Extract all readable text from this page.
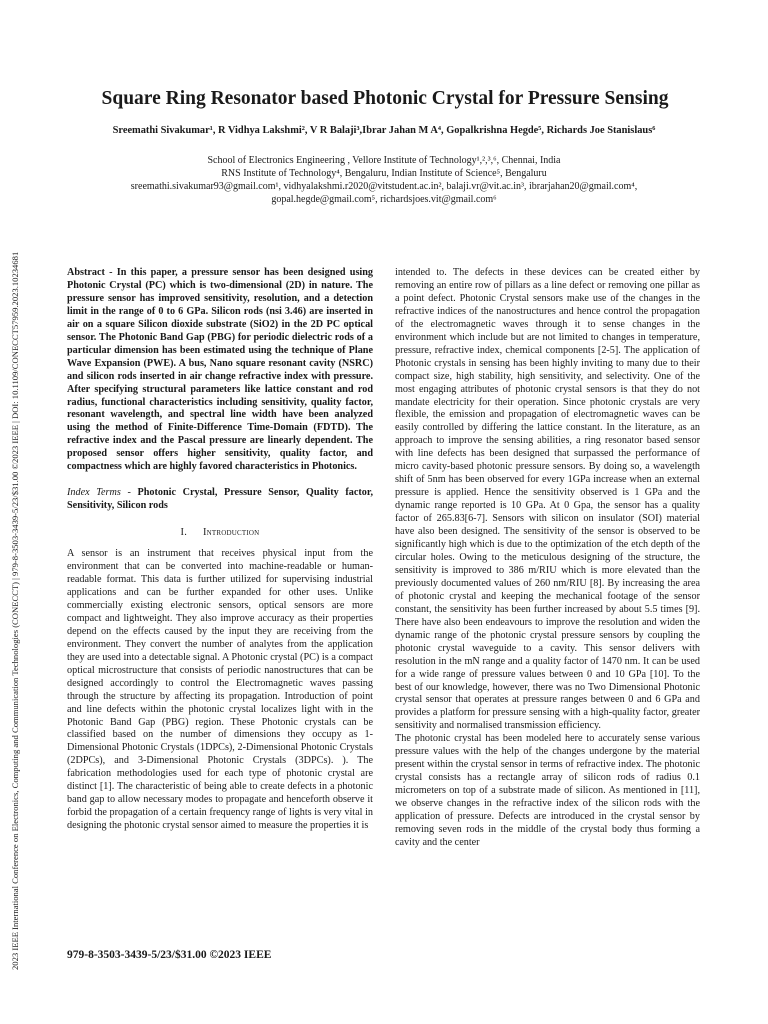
2023 IEEE International Conference on Electronics, Computing and Communication Technologies (CONECCT) | 979-8-3503-3439-5/23/$31.00 ©2023 IEEE | DOI: 10.1109/CONECCT57959.2023.10234681
Square Ring Resonator based Photonic Crystal for Pressure Sensing
Sreemathi Sivakumar¹, R Vidhya Lakshmi², V R Balaji³,Ibrar Jahan M A⁴, Gopalkrishna Hegde⁵, Richards Joe Stanislaus⁶
School of Electronics Engineering , Vellore Institute of Technology¹,²,³,⁶, Chennai, India
RNS Institute of Technology⁴, Bengaluru, Indian Institute of Science⁵, Bengaluru
sreemathi.sivakumar93@gmail.com¹, vidhyalakshmi.r2020@vitstudent.ac.in², balaji.vr@vit.ac.in³, ibrarjahan20@gmail.com⁴,
gopal.hegde@gmail.com⁵, richardsjoes.vit@gmail.com⁶

Abstract - In this paper, a pressure sensor has been designed using Photonic Crystal (PC) which is two-dimensional (2D) in nature. The pressure sensor has improved sensitivity, resolution, and a detection limit in the range of 0 to 6 GPa. Silicon rods (nsi 3.46) are inserted in air on a square Silicon dioxide substrate (SiO2) in the 2D PC optical sensor. The Photonic Band Gap (PBG) for periodic dielectric rods of a particular dimension has been estimated using the technique of Plane Wave Expansion (PWE). A bus, Nano square resonant cavity (NSRC) and silicon rods inserted in air change refractive index with pressure. After specifying structural parameters like lattice constant and rod radius, functional characteristics including sensitivity, quality factor, resonant wavelength, and spectral line width have been analyzed using the method of Finite-Difference Time-Domain (FDTD). The refractive index and the Pascal pressure are linearly dependent. The proposed sensor offers higher sensitivity, quality factor, and compactness which are highly favored characteristics in Photonics.

Index Terms - Photonic Crystal, Pressure Sensor, Quality factor, Sensitivity, Silicon rods

I. Introduction

A sensor is an instrument that receives physical input from the environment that can be converted into machine-readable or human-readable format. This data is further utilized for supervising industrial applications and can be further expanded for other uses. Unlike commercially existing electronic sensors, optical sensors are more compact and lightweight. They also improve accuracy as their properties depend on the effects caused by the input they are receiving from the environment. They convert the number of analytes from the application they are used into a detectable signal. A Photonic crystal (PC) is a compact optical microstructure that consists of periodic nanostructures that can be designed accordingly to control the Electromagnetic waves passing through the structure by affecting its propagation. Introduction of point and line defects within the photonic crystal localizes light with in the Photonic Band Gap (PBG) region. These Photonic crystals can be classified based on the number of dimensions they occupy as 1-Dimensional Photonic Crystals (1DPCs), 2-Dimensional Photonic Crystals (2DPCs), and 3-Dimensional Photonic Crystals (3DPCs). ). The fabrication methodologies used for each type of photonic crystal are distinct [1]. The characteristic of being able to create defects in a photonic band gap to allow necessary modes to propagate and henceforth observe it forbid the propagation of a certain frequency range of lights is very vital in designing the photonic crystal sensor aimed to measure the properties it is

intended to. The defects in these devices can be created either by removing an entire row of pillars as a line defect or removing one pillar as a point defect. Photonic Crystal sensors make use of the changes in the refractive indices of the nanostructures and hence control the propagation of the electromagnetic waves through it to sense changes in the environment which include but are not limited to changes in temperature, pressure, refractive index, chemical components [2-5]. The application of Photonic crystals in sensing has been highly inviting to many due to their compact size, high stability, high sensitivity, and selectivity. One of the most engaging attributes of photonic crystal sensors is that they do not mandate electricity for their operation. Since photonic crystals are very flexible, the emission and propagation of electromagnetic waves can be easily controlled by differing the lattice constant. In the literature, as an approach to improve the sensing abilities, a ring resonator based sensor with line defects has been designed that surpassed the performance of micro cavity-based photonic pressure sensors. By doing so, a wavelength shift of 5nm has been observed for every 1GPa increase when an external pressure is applied. Hence the sensitivity observed is 1 GPa and the dynamic range reported is 10 GPa. At 0 Gpa, the sensor has a quality factor of 265.83[6-7]. Sensors with silicon on insulator (SOI) material have also been designed. The sensitivity of the sensor is observed to be significantly high which is due to the optimization of the etch depth of the circular holes. Owing to the meticulous designing of the structure, the sensitivity is improved to 386 m/RIU which is more elevated than the previously documented values of 260 nm/RIU [8]. By increasing the area of photonic crystal and keeping the mechanical footage of the sensor constant, the sensitivity has been further increased by about 5.5 times [9]. There have also been endeavours to improve the resolution and widen the dynamic range of the photonic crystal pressure sensors by coupling the photonic crystal waveguide to a cavity. This sensor delivers with resolution in the mN range and a quality factor of 1470 nm. It can be used for a wide range of pressure values between 0 and 10 GPa [10]. To the best of our knowledge, however, there was no Two Dimensional Photonic crystal sensor that operates at pressure ranges between 0 and 6 GPa and provides a platform for pressure sensing with a high-quality factor, greater sensitivity and normalised transmission efficiency.

The photonic crystal has been modeled here to accurately sense various pressure values with the help of the changes undergone by the material present within the crystal sensor in terms of refractive index. The photonic crystal consists has a rectangle array of silicon rods of radius 0.1 micrometers on top of a substrate made of silicon. As mentioned in [11], we observe changes in the refractive index of the silicon rods with the application of pressure. Defects are introduced in the crystal sensor by removing seven rods in the middle of the crystal body thus forming a cavity and the center

979-8-3503-3439-5/23/$31.00 ©2023 IEEE
